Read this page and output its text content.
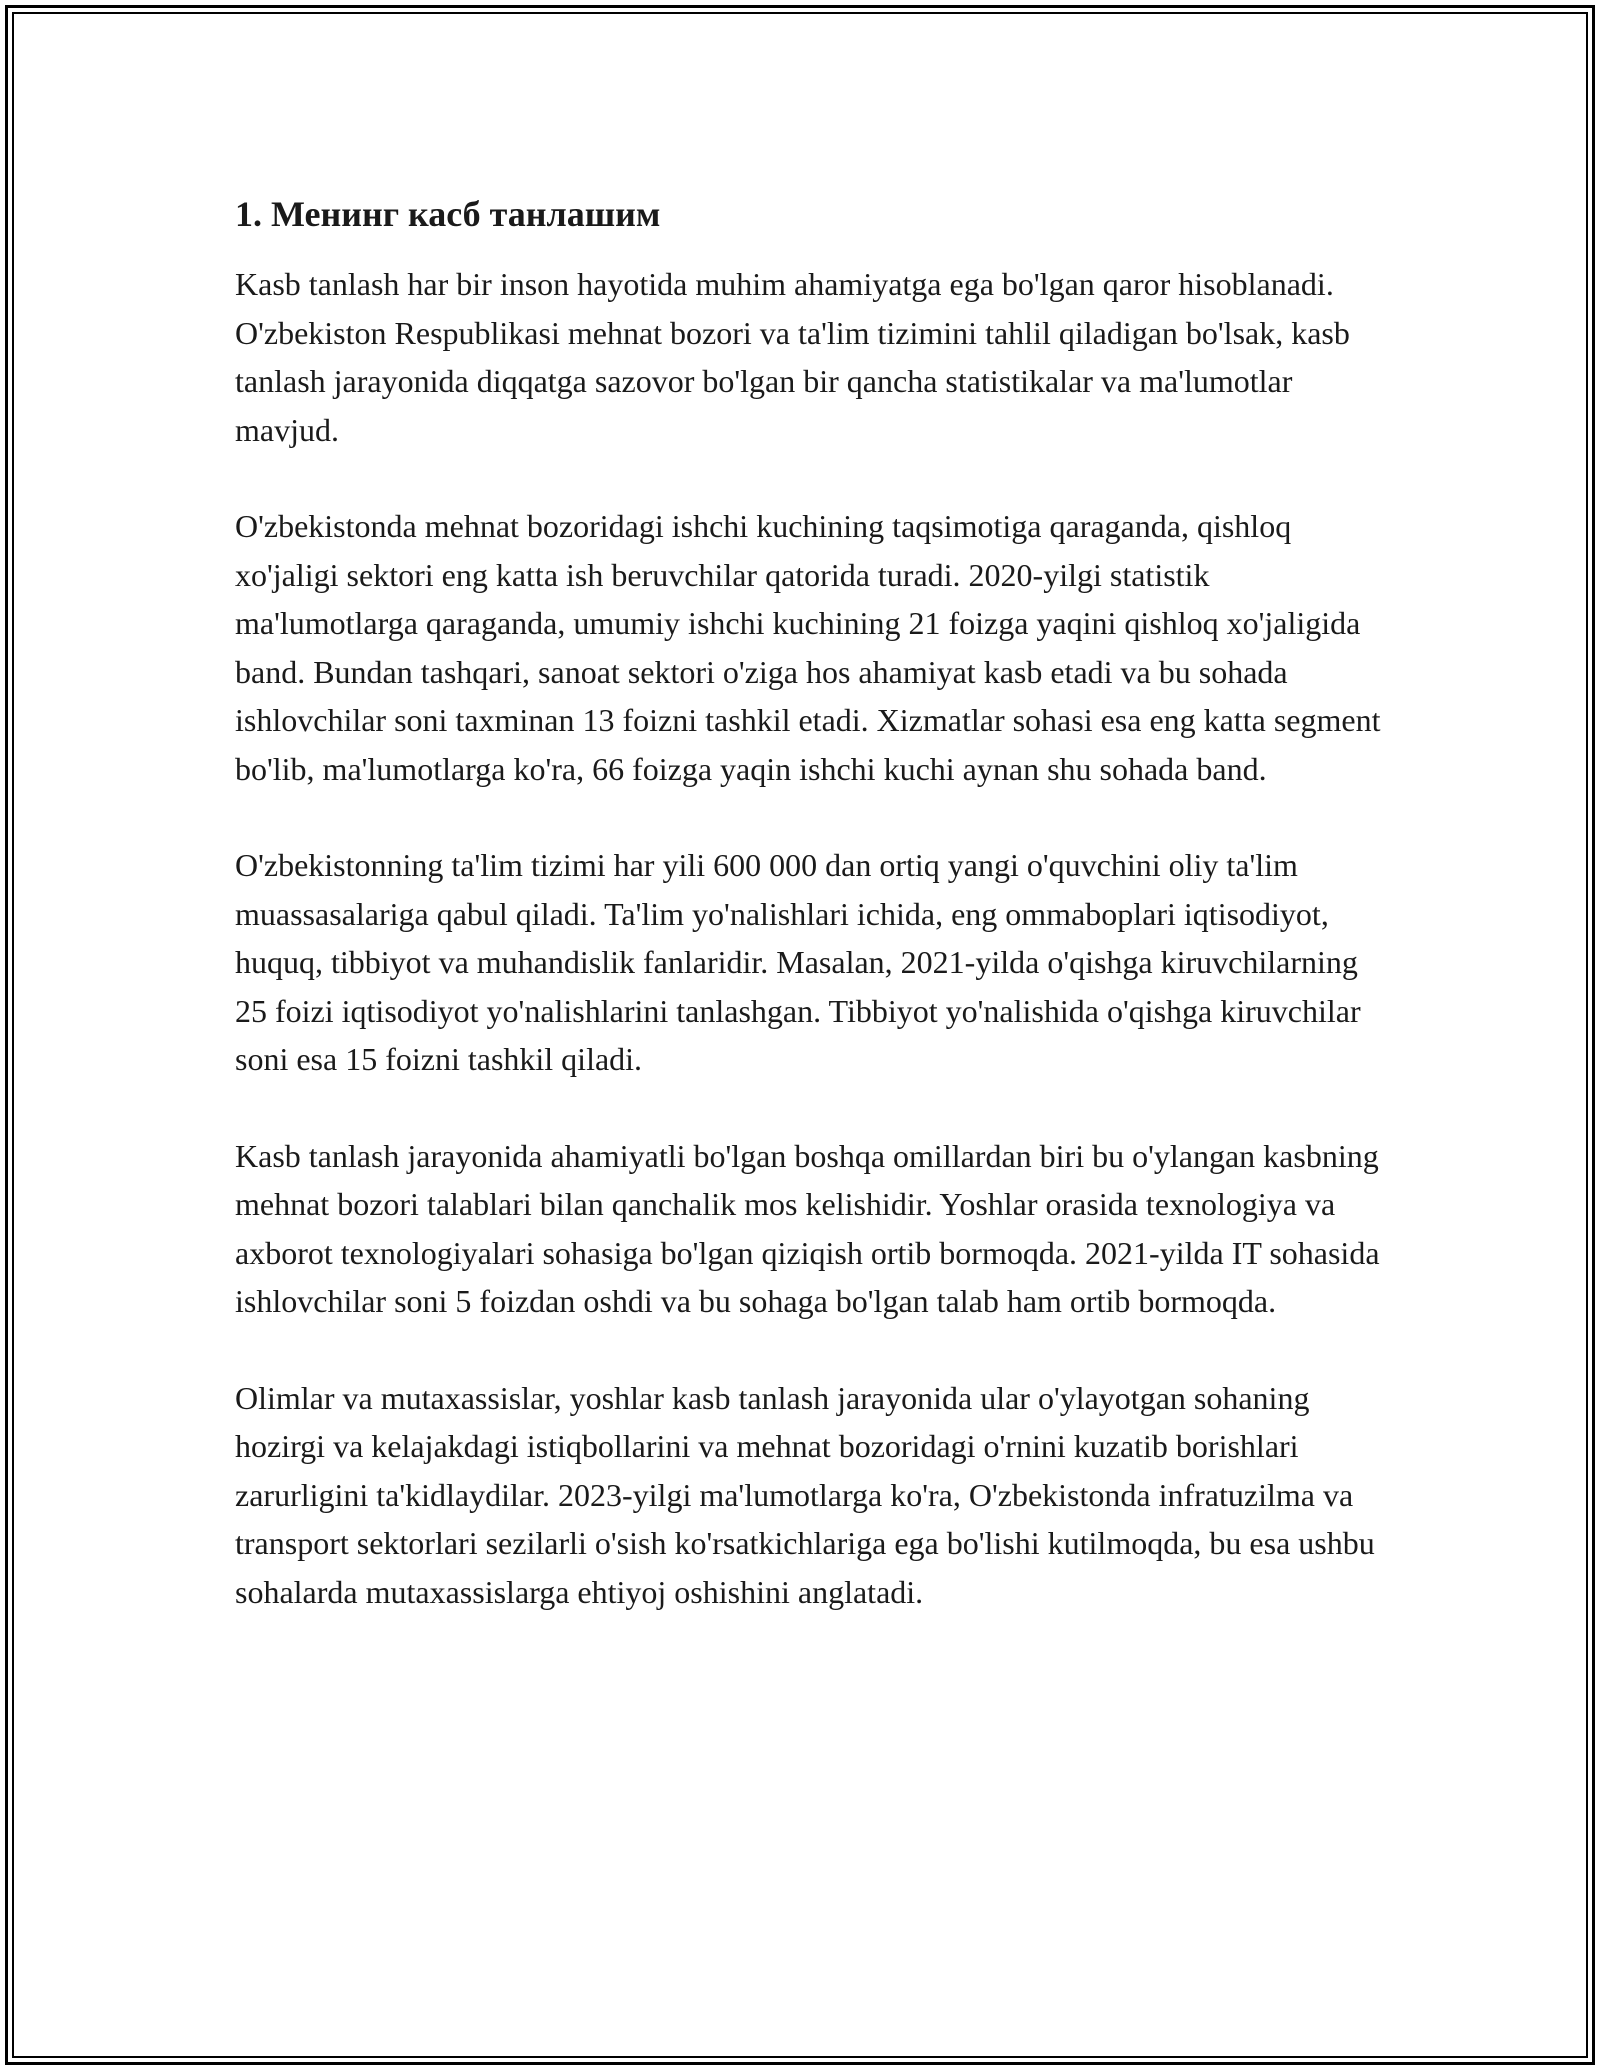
1. Менинг касб танлашим

Kasb tanlash har bir inson hayotida muhim ahamiyatga ega bo'lgan qaror hisoblanadi. O'zbekiston Respublikasi mehnat bozori va ta'lim tizimini tahlil qiladigan bo'lsak, kasb tanlash jarayonida diqqatga sazovor bo'lgan bir qancha statistikalar va ma'lumotlar mavjud.

O'zbekistonda mehnat bozoridagi ishchi kuchining taqsimotiga qaraganda, qishloq xo'jaligi sektori eng katta ish beruvchilar qatorida turadi. 2020-yilgi statistik ma'lumotlarga qaraganda, umumiy ishchi kuchining 21 foizga yaqini qishloq xo'jaligida band. Bundan tashqari, sanoat sektori o'ziga hos ahamiyat kasb etadi va bu sohada ishlovchilar soni taxminan 13 foizni tashkil etadi. Xizmatlar sohasi esa eng katta segment bo'lib, ma'lumotlarga ko'ra, 66 foizga yaqin ishchi kuchi aynan shu sohada band.

O'zbekistonning ta'lim tizimi har yili 600 000 dan ortiq yangi o'quvchini oliy ta'lim muassasalariga qabul qiladi. Ta'lim yo'nalishlari ichida, eng ommaboplari iqtisodiyot, huquq, tibbiyot va muhandislik fanlaridir. Masalan, 2021-yilda o'qishga kiruvchilarning 25 foizi iqtisodiyot yo'nalishlarini tanlashgan. Tibbiyot yo'nalishida o'qishga kiruvchilar soni esa 15 foizni tashkil qiladi.

Kasb tanlash jarayonida ahamiyatli bo'lgan boshqa omillardan biri bu o'ylangan kasbning mehnat bozori talablari bilan qanchalik mos kelishidir. Yoshlar orasida texnologiya va axborot texnologiyalari sohasiga bo'lgan qiziqish ortib bormoqda. 2021-yilda IT sohasida ishlovchilar soni 5 foizdan oshdi va bu sohaga bo'lgan talab ham ortib bormoqda.

Olimlar va mutaxassislar, yoshlar kasb tanlash jarayonida ular o'ylayotgan sohaning hozirgi va kelajakdagi istiqbollarini va mehnat bozoridagi o'rnini kuzatib borishlari zarurligini ta'kidlaydilar. 2023-yilgi ma'lumotlarga ko'ra, O'zbekistonda infratuzilma va transport sektorlari sezilarli o'sish ko'rsatkichlariga ega bo'lishi kutilmoqda, bu esa ushbu sohalarda mutaxassislarga ehtiyoj oshishini anglatadi.
